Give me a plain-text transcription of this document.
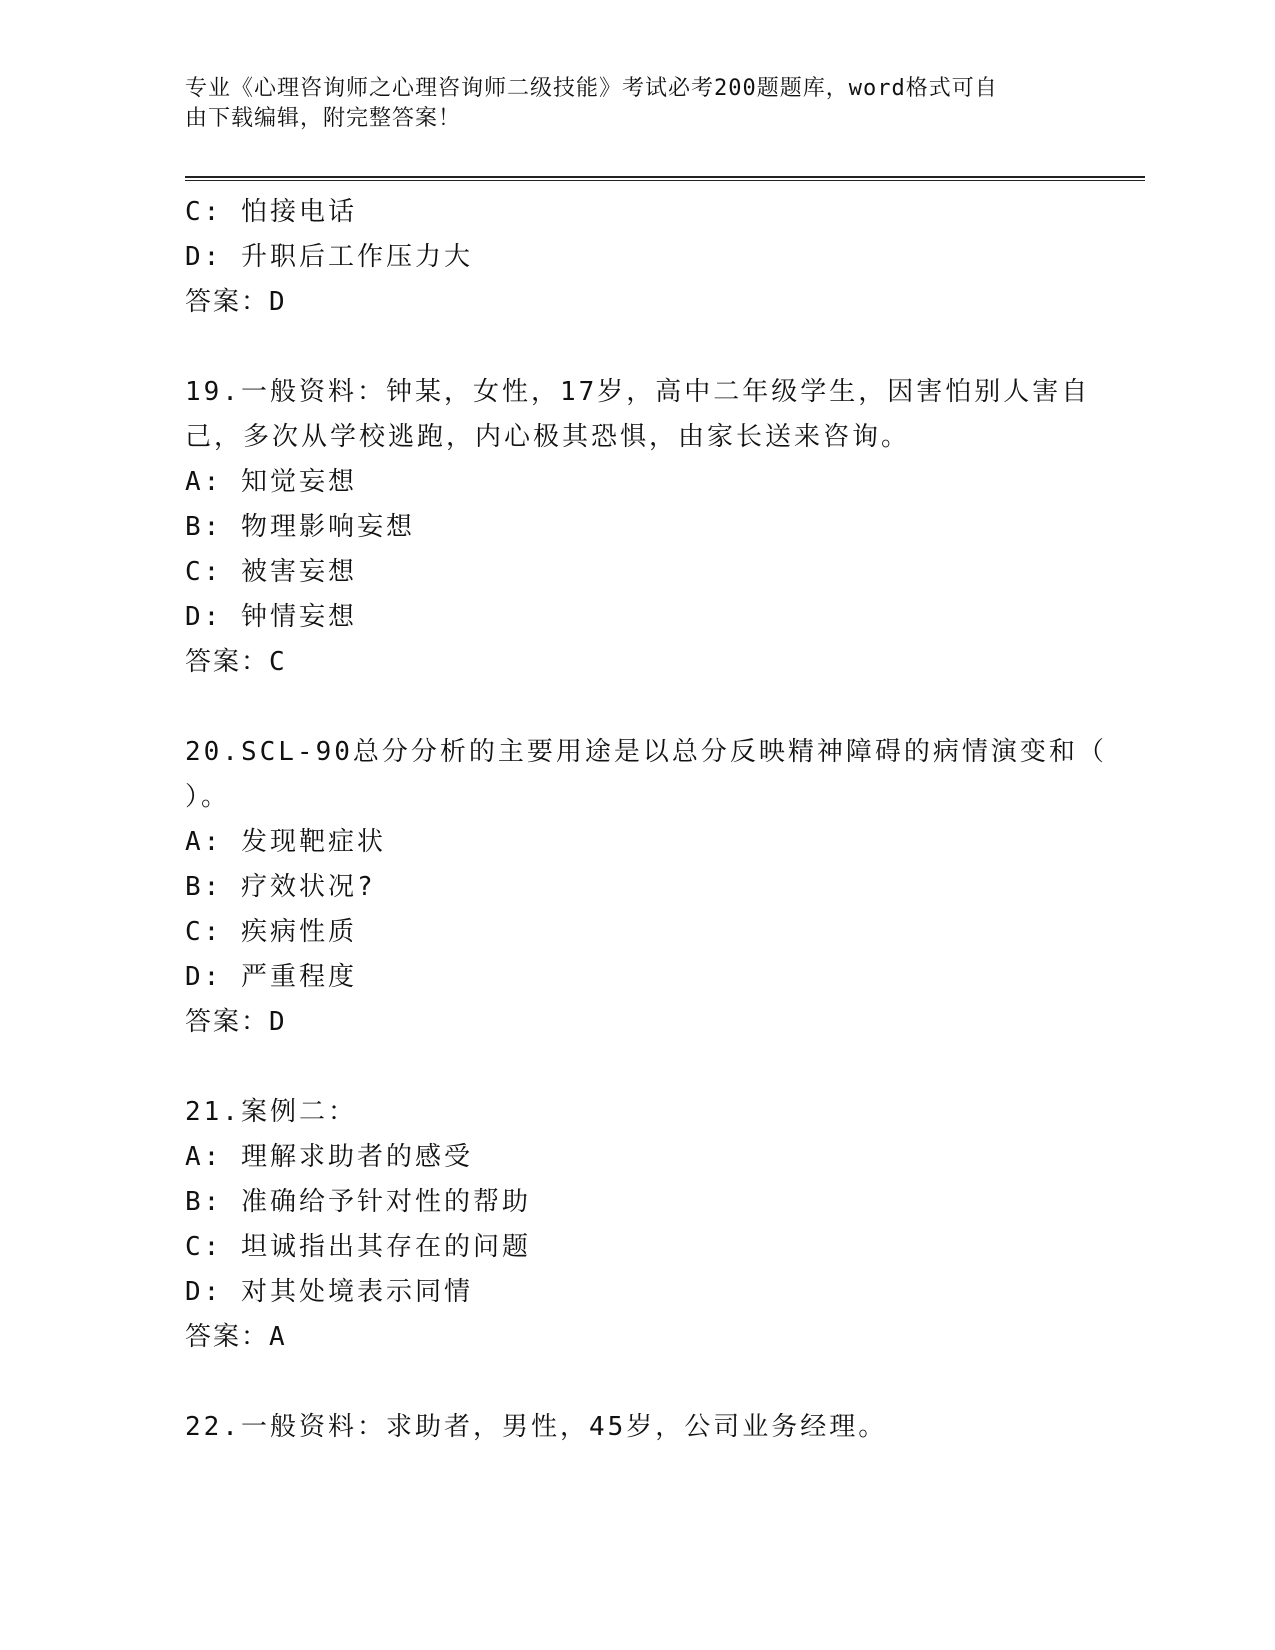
专业《心理咨询师之心理咨询师二级技能》考试必考200题题库，word格式可自
由下载编辑，附完整答案！
C: 怕接电话
D: 升职后工作压力大
答案：D
19.一般资料：钟某，女性，17岁，高中二年级学生，因害怕别人害自
己，多次从学校逃跑，内心极其恐惧，由家长送来咨询。
A: 知觉妄想
B: 物理影响妄想
C: 被害妄想
D: 钟情妄想
答案：C
20.SCL-90总分分析的主要用途是以总分反映精神障碍的病情演变和（
）。
A: 发现靶症状
B: 疗效状况?
C: 疾病性质
D: 严重程度
答案：D
21.案例二：
A: 理解求助者的感受
B: 准确给予针对性的帮助
C: 坦诚指出其存在的问题
D: 对其处境表示同情
答案：A
22.一般资料：求助者，男性，45岁，公司业务经理。
